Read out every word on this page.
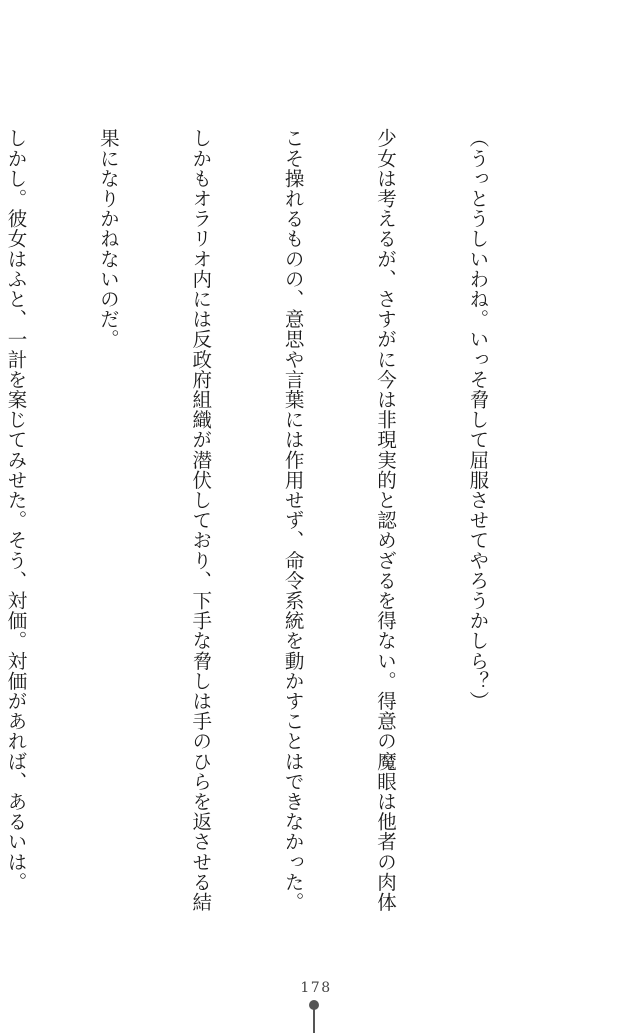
（うっとうしいわね。いっそ脅して屈服させてやろうかしら？）

少女は考えるが、さすがに今は非現実的と認めざるを得ない。得意の魔眼は他者の肉体

こそ操れるものの、意思や言葉には作用せず、命令系統を動かすことはできなかった。

しかもオラリオ内には反政府組織が潜伏しており、下手な脅しは手のひらを返させる結

果になりかねないのだ。

しかし。彼女はふと、一計を案じてみせた。そう、対価。対価があれば、あるいは。

178
